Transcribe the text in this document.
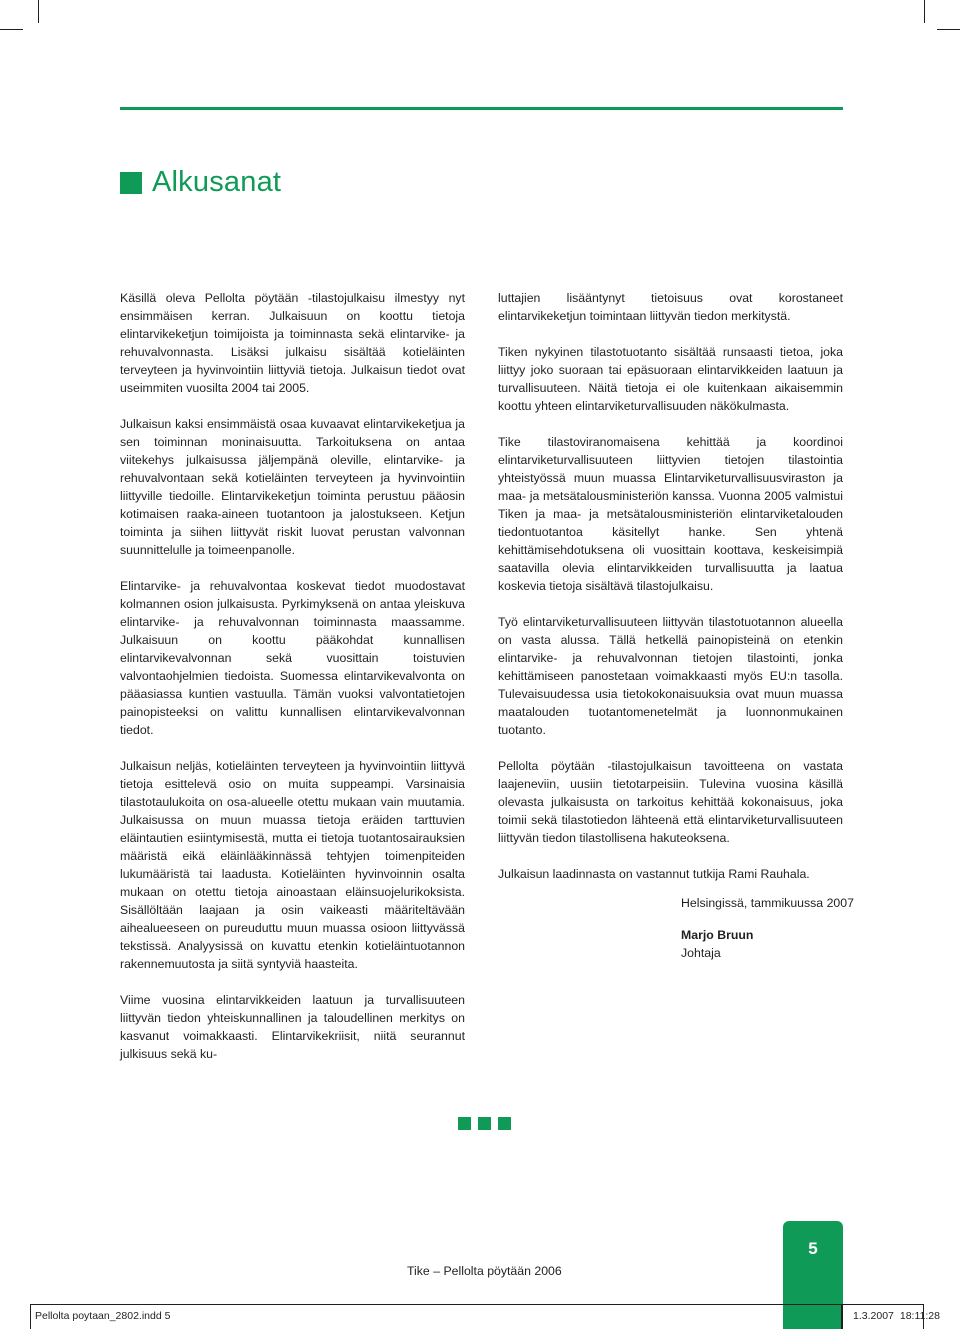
Alkusanat

Käsillä oleva Pellolta pöytään -tilastojulkaisu ilmestyy nyt ensimmäisen kerran. Julkaisuun on koottu tietoja elintarvikeketjun toimijoista ja toiminnasta sekä elintarvike- ja rehuvalvonnasta. Lisäksi julkaisu sisältää kotieläinten terveyteen ja hyvinvointiin liittyviä tietoja. Julkaisun tiedot ovat useimmiten vuosilta 2004 tai 2005.

Julkaisun kaksi ensimmäistä osaa kuvaavat elintarvikeketjua ja sen toiminnan moninaisuutta. Tarkoituksena on antaa viitekehys julkaisussa jäljempänä oleville, elintarvike- ja rehuvalvontaan sekä kotieläinten terveyteen ja hyvinvointiin liittyville tiedoille. Elintarvikeketjun toiminta perustuu pääosin kotimaisen raaka-aineen tuotantoon ja jalostukseen. Ketjun toiminta ja siihen liittyvät riskit luovat perustan valvonnan suunnittelulle ja toimeenpanolle.

Elintarvike- ja rehuvalvontaa koskevat tiedot muodostavat kolmannen osion julkaisusta. Pyrkimyksenä on antaa yleiskuva elintarvike- ja rehuvalvonnan toiminnasta maassamme. Julkaisuun on koottu pääkohdat kunnallisen elintarvikevalvonnan sekä vuosittain toistuvien valvontaohjelmien tiedoista. Suomessa elintarvikevalvonta on pääasiassa kuntien vastuulla. Tämän vuoksi valvontatietojen painopisteeksi on valittu kunnallisen elintarvikevalvonnan tiedot.

Julkaisun neljäs, kotieläinten terveyteen ja hyvinvointiin liittyvä tietoja esittelevä osio on muita suppeampi. Varsinaisia tilastotaulukoita on osa-alueelle otettu mukaan vain muutamia. Julkaisussa on muun muassa tietoja eräiden tarttuvien eläintautien esiintymisestä, mutta ei tietoja tuotantosairauksien määristä eikä eläinlääkinnässä tehtyjen toimenpiteiden lukumääristä tai laadusta. Kotieläinten hyvinvoinnin osalta mukaan on otettu tietoja ainoastaan eläinsuojelurikoksista. Sisällöltään laajaan ja osin vaikeasti määriteltävään aihealueeseen on pureuduttu muun muassa osioon liittyvässä tekstissä. Analyysissä on kuvattu etenkin kotieläintuotannon rakennemuutosta ja siitä syntyviä haasteita.

Viime vuosina elintarvikkeiden laatuun ja turvallisuuteen liittyvän tiedon yhteiskunnallinen ja taloudellinen merkitys on kasvanut voimakkaasti. Elintarvikekriisit, niitä seurannut julkisuus sekä ku-

luttajien lisääntynyt tietoisuus ovat korostaneet elintarvikeketjun toimintaan liittyvän tiedon merkitystä.

Tiken nykyinen tilastotuotanto sisältää runsaasti tietoa, joka liittyy joko suoraan tai epäsuoraan elintarvikkeiden laatuun ja turvallisuuteen. Näitä tietoja ei ole kuitenkaan aikaisemmin koottu yhteen elintarviketurvallisuuden näkökulmasta.

Tike tilastoviranomaisena kehittää ja koordinoi elintarviketurvallisuuteen liittyvien tietojen tilastointia yhteistyössä muun muassa Elintarviketurvallisuusviraston ja maa- ja metsätalousministeriön kanssa. Vuonna 2005 valmistui Tiken ja maa- ja metsätalousministeriön elintarviketalouden tiedontuotantoa käsitellyt hanke. Sen yhtenä kehittämisehdotuksena oli vuosittain koottava, keskeisimpiä saatavilla olevia elintarvikkeiden turvallisuutta ja laatua koskevia tietoja sisältävä tilastojulkaisu.

Työ elintarviketurvallisuuteen liittyvän tilastotuotannon alueella on vasta alussa. Tällä hetkellä painopisteinä on etenkin elintarvike- ja rehuvalvonnan tietojen tilastointi, jonka kehittämiseen panostetaan voimakkaasti myös EU:n tasolla. Tulevaisuudessa usia tietokokonaisuuksia ovat muun muassa maatalouden tuotantomenetelmät ja luonnonmukainen tuotanto.

Pellolta pöytään -tilastojulkaisun tavoitteena on vastata laajeneviin, uusiin tietotarpeisiin. Tulevina vuosina käsillä olevasta julkaisusta on tarkoitus kehittää kokonaisuus, joka toimii sekä tilastotiedon lähteenä että elintarviketurvallisuuteen liittyvän tiedon tilastollisena hakuteoksena.

Julkaisun laadinnasta on vastannut tutkija Rami Rauhala.

Helsingissä, tammikuussa 2007
Marjo Bruun
Johtaja
Tike – Pellolta pöytään 2006
5
Pellolta poytaan_2802.indd 5	1.3.2007 18:11:28
